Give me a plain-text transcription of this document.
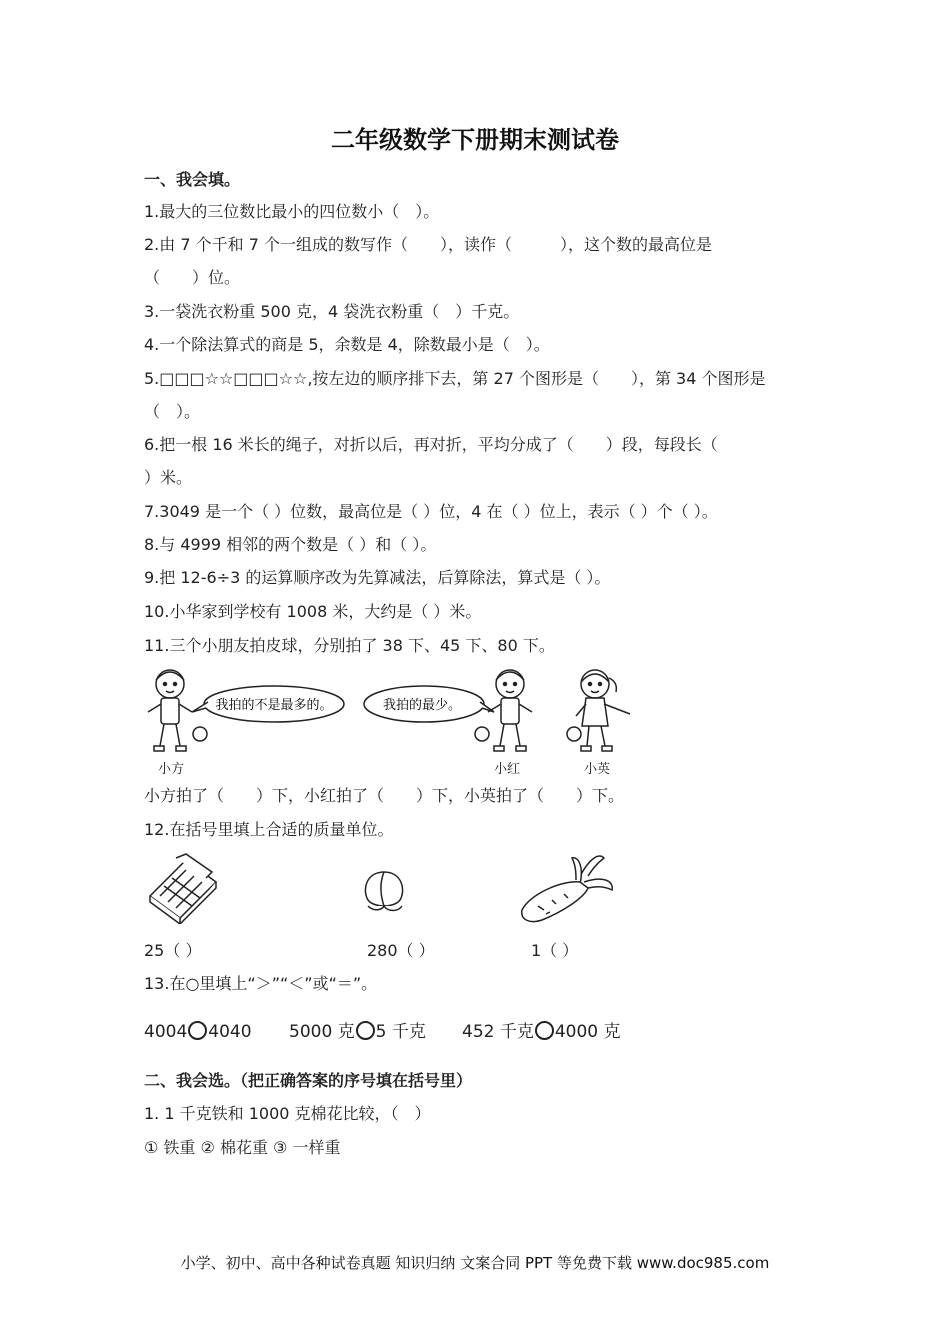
二年级数学下册期末测试卷
一、我会填。
1.最大的三位数比最小的四位数小（　）。
2.由 7 个千和 7 个一组成的数写作（　　），读作（　　　），这个数的最高位是
（　　）位。
3.一袋洗衣粉重 500 克，4 袋洗衣粉重（　）千克。
4.一个除法算式的商是 5，余数是 4，除数最小是（　）。
5.□□□☆☆□□□☆☆,按左边的顺序排下去，第 27 个图形是（　　），第 34 个图形是
（　）。
6.把一根 16 米长的绳子，对折以后，再对折，平均分成了（　　）段，每段长（
）米。
7.3049 是一个（ ）位数，最高位是（ ）位，4 在（ ）位上，表示（ ）个（ ）。
8.与 4999 相邻的两个数是（ ）和（ ）。
9.把 12-6÷3 的运算顺序改为先算减法，后算除法，算式是（ ）。
10.小华家到学校有 1008 米，大约是（ ）米。
11.三个小朋友拍皮球，分别拍了 38 下、45 下、80 下。
我拍的不是最多的。	我拍的最少。
小方	小红	小英
小方拍了（　　）下，小红拍了（　　）下，小英拍了（　　）下。
12.在括号里填上合适的质量单位。
25（ ）	280（ ）	1（ ）
13.在○里填上“＞”“＜”或“＝”。
4004 4040 5000 克 5 千克 452 千克 4000 克
二、我会选。（把正确答案的序号填在括号里）
1. 1 千克铁和 1000 克棉花比较，（　）
① 铁重 ② 棉花重 ③ 一样重
小学、初中、高中各种试卷真题 知识归纳 文案合同 PPT 等免费下载 www.doc985.com
